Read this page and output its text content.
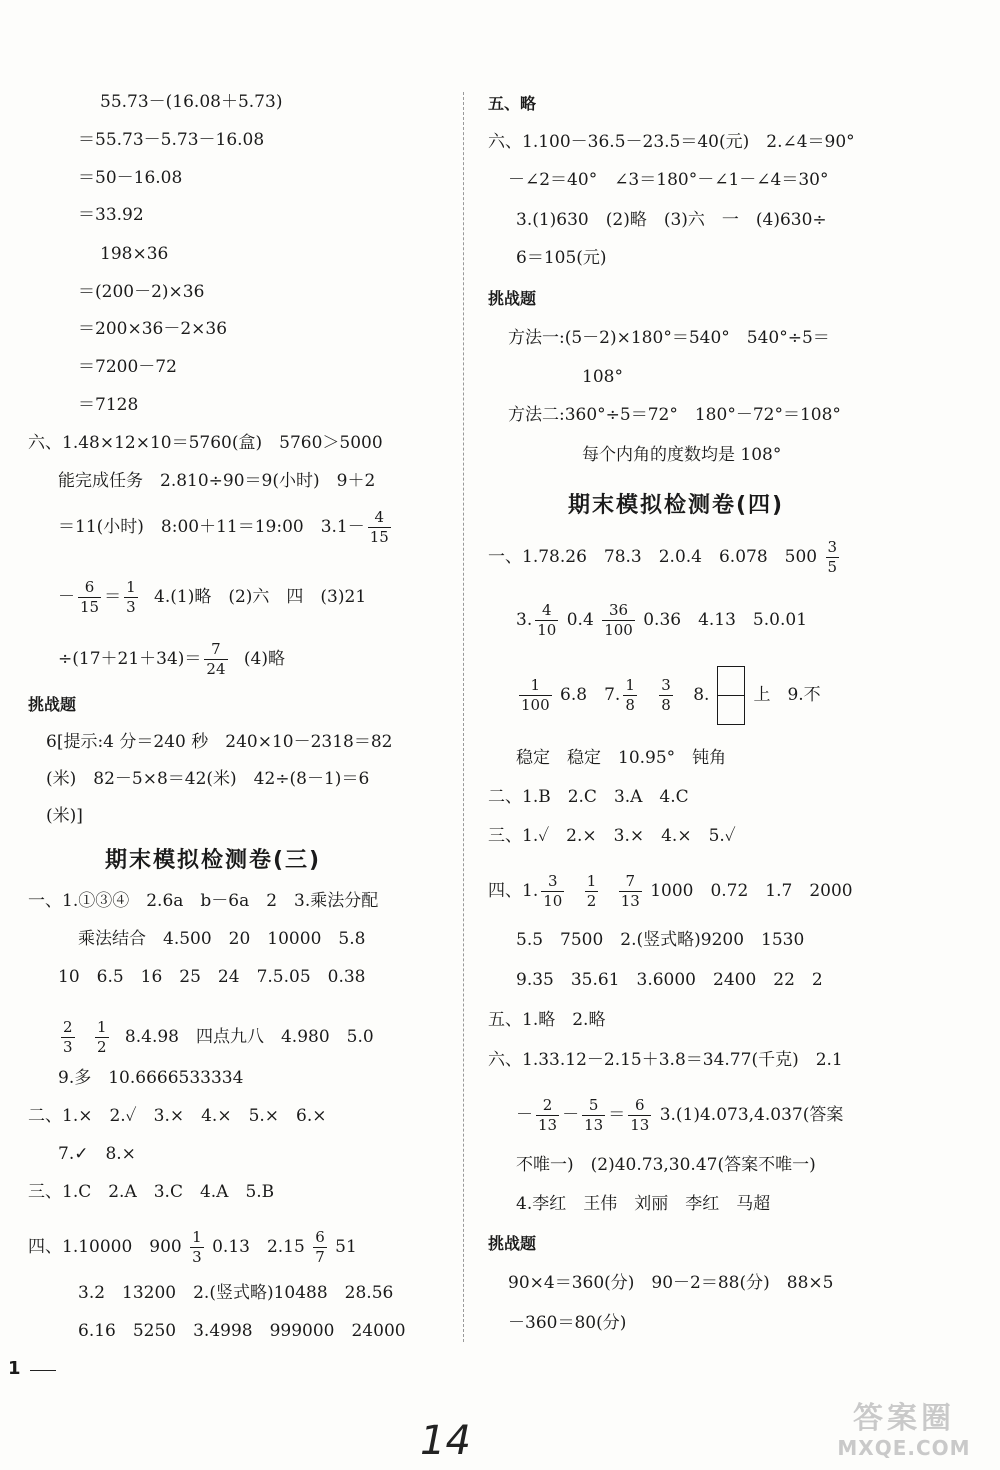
55.73－(16.08＋5.73)
＝55.73－5.73－16.08
＝50－16.08
＝33.92
198×36
＝(200－2)×36
＝200×36－2×36
＝7200－72
＝7128
六、1.48×12×10＝5760(盒)　5760＞5000
能完成任务　2.810÷90＝9(小时)　9＋2
＝11(小时)　8:00＋11＝19:00　$3.1- \frac{4}{15}$
－ $\frac{6}{15} = \frac{1}{3} 4.(1)$略　(2)六　四　(3)21
$\div(17+21+34)= \frac{7}{24} (4)$略
挑战题
6[提示:4 分＝240 秒　240×10－2318＝82
(米)　82－5×8＝42(米)　42÷(8－1)＝6
(米)]
期末模拟检测卷(三)
一、1.①③④　2.6a　b－6a　2　3.乘法分配
乘法结合　4.500　20　10000　5.8
10　6.5　16　25　24　7.5.05　0.38
$\frac{2}{3}$
$\frac{1}{2} 8.4.98$　四点九八　4.980　5.0
9.多　10.6666533334
二、1.×　2.✓　3.×　4.×　5.×　6.×
7.✓　8.×
三、1.C　2.A　3.C　4.A　5.B
四、1.10000　$900 \frac{1}{3} 0.13$　$2.15 \frac{6}{7} 51$
3.2　13200　2.(竖式略)10488　28.56
6.16　5250　3.4998　999000　24000
五、略
六、1.100－36.5－23.5＝40(元)　2.∠4＝90°
－∠2＝40°　∠3＝180°－∠1－∠4＝30°
3.(1)630　(2)略　(3)六　一　(4)630÷
6＝105(元)
挑战题
方法一:(5－2)×180°＝540°　540°÷5＝
108°
方法二:360°÷5＝72°　180°－72°＝108°
每个内角的度数均是 108°
期末模拟检测卷(四)
一、1.78.26　78.3　2.0.4　6.078　$500 \frac{3}{5}$
3. $\frac{4}{10} 0.4 \frac{36}{100} 0.36$　4.13　5.0.01
$\frac{1}{100} 6.8$　7. $\frac{1}{8}$
$\frac{3}{8} 8$.	上　9.不
稳定　稳定　10.95°　钝角
二、1.B　2.C　3.A　4.C
三、1.✓　2.×　3.×　4.×　5.✓
四、1. $\frac{3}{10}$
$\frac{1}{2}$
$\frac{7}{13} 1000$　0.72　1.7　2000
5.5　7500　2.(竖式略)9200　1530
9.35　35.61　3.6000　2400　22　2
五、1.略　2.略
六、1.33.12－2.15＋3.8＝34.77(千克)　2.1
－ $\frac{2}{13} - \frac{5}{13} = \frac{6}{13} 3.(1)4.073,4.037$(答案
不唯一)　(2)40.73,30.47(答案不唯一)
4.李红　王伟　刘丽　李红　马超
挑战题
90×4＝360(分)　90－2＝88(分)　88×5
－360＝80(分)
1
14	答案圈
MXQE.COM
